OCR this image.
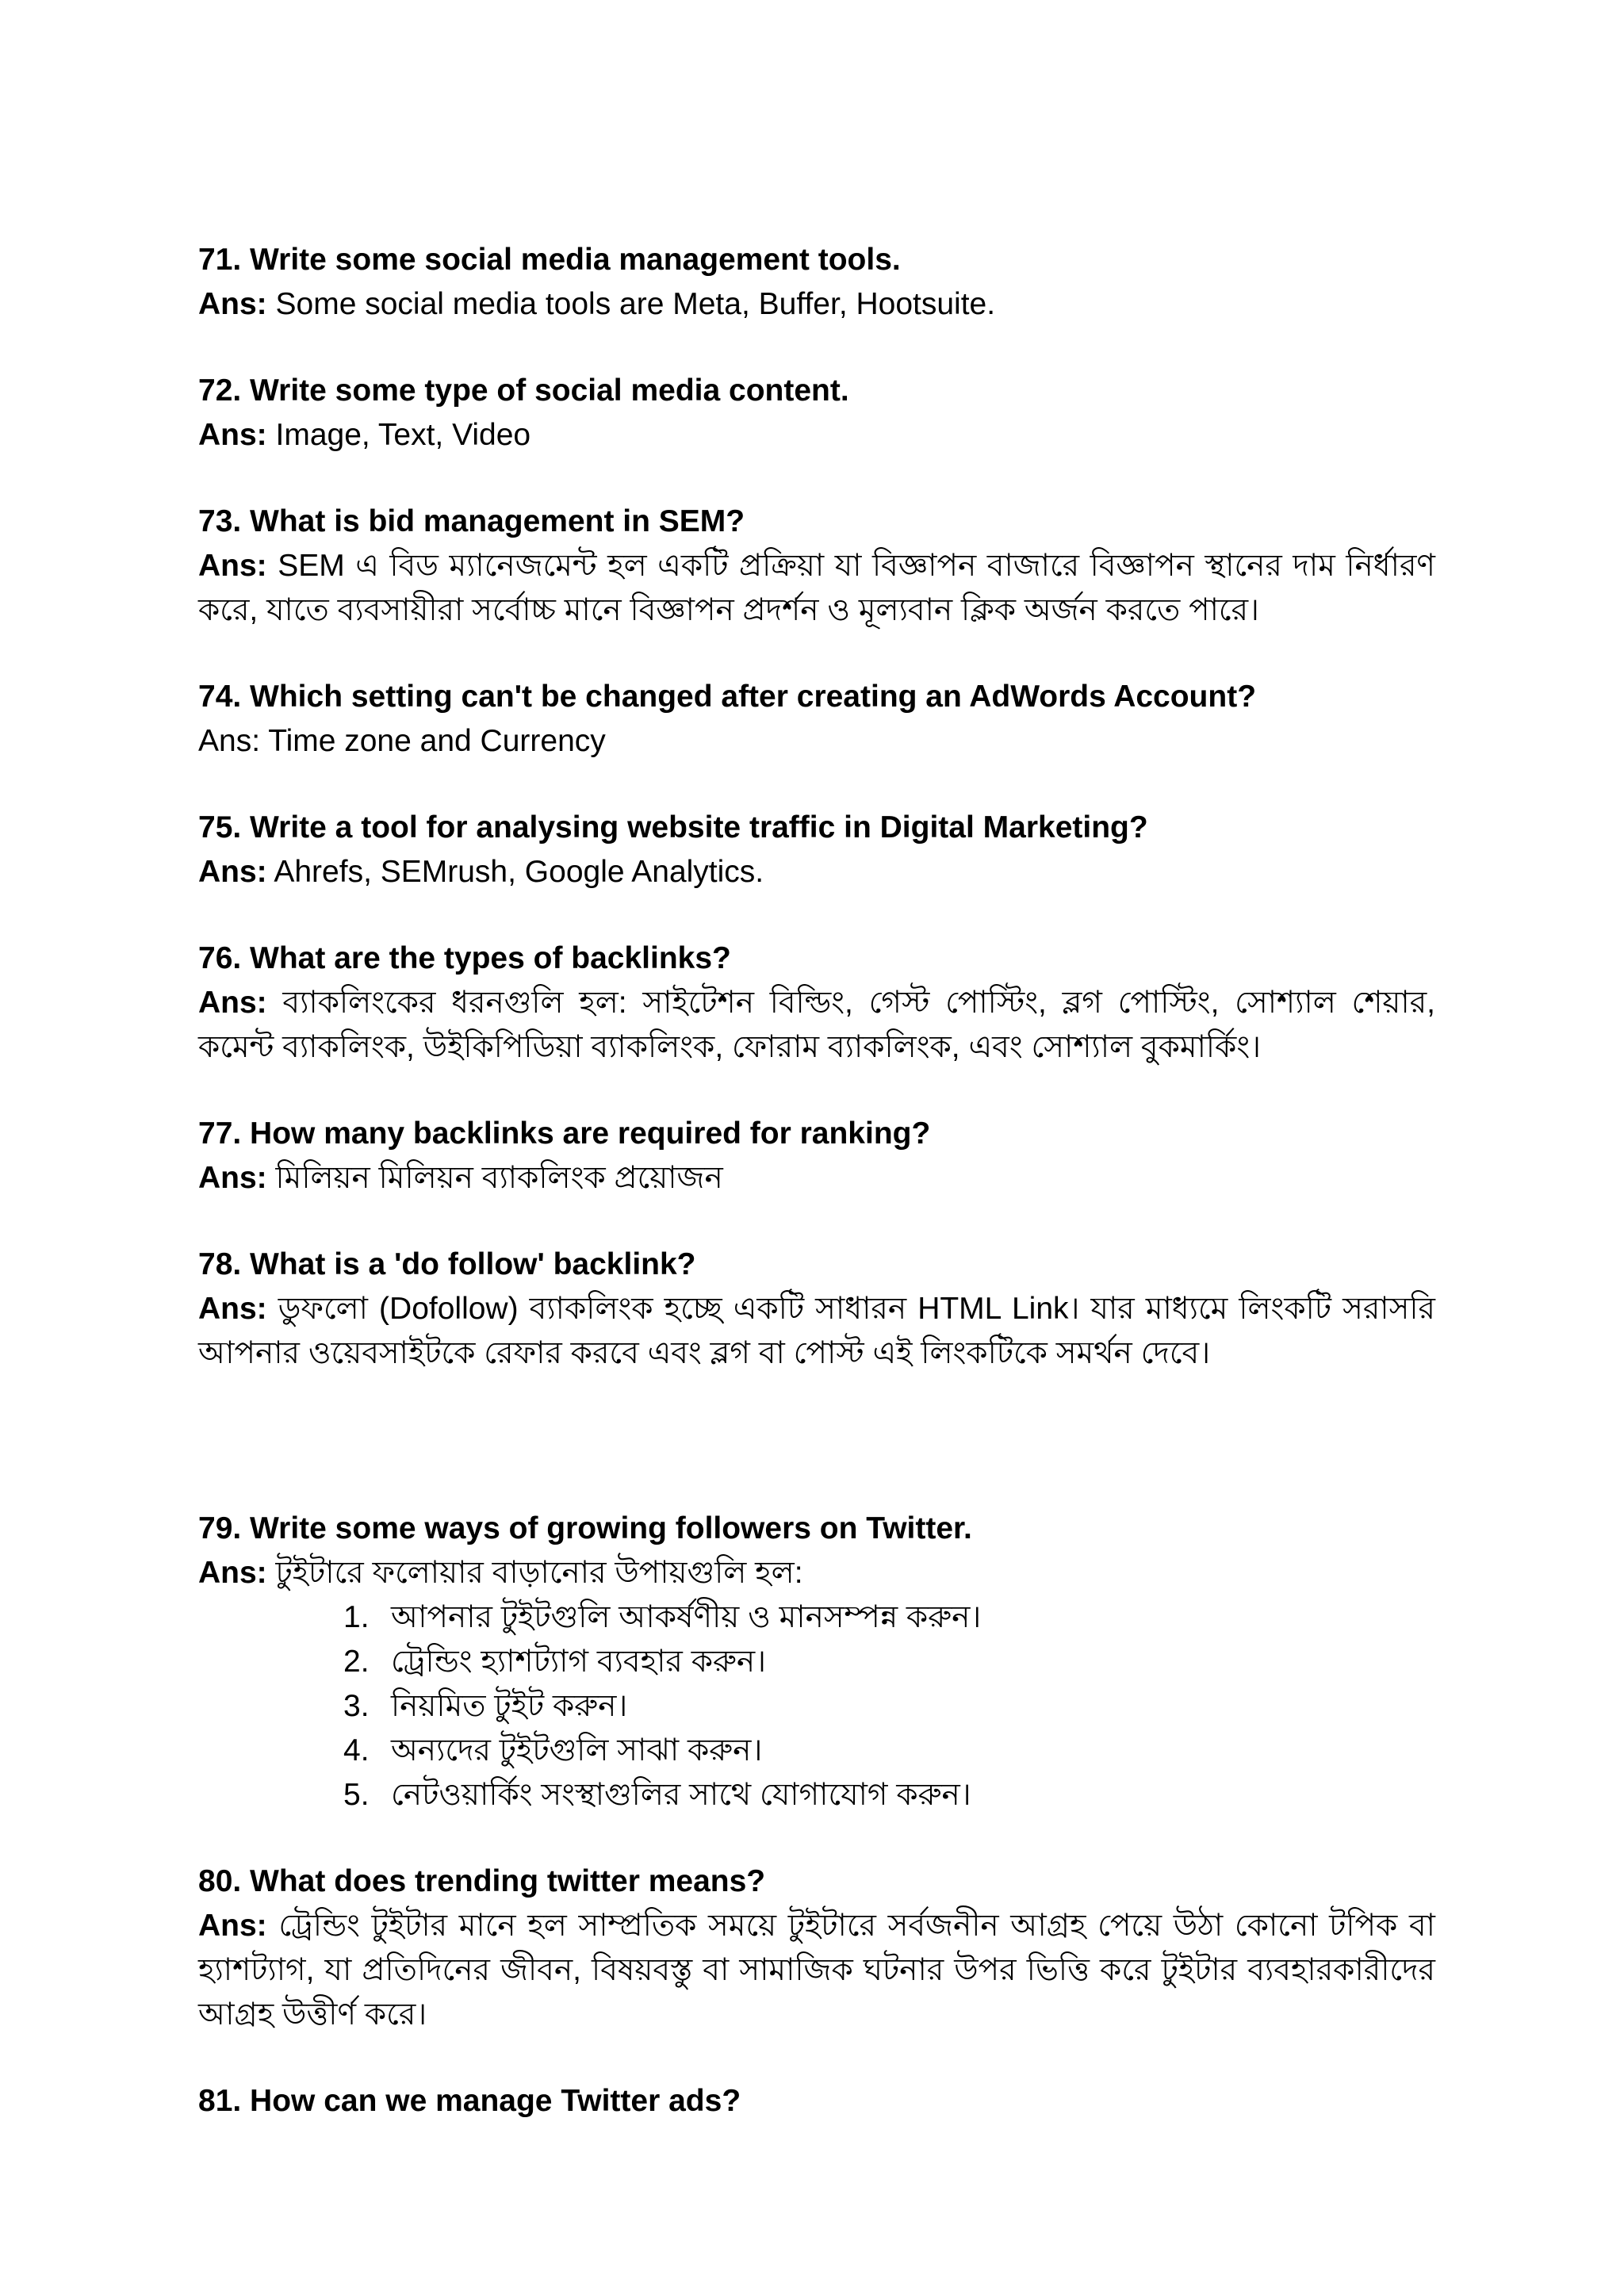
71. Write some social media management tools.

Ans: Some social media tools are Meta, Buffer, Hootsuite.

72. Write some type of social media content.

Ans: Image, Text, Video

73. What is bid management in SEM?

Ans: SEM এ বিড ম্যানেজমেন্ট হল একটি প্রক্রিয়া যা বিজ্ঞাপন বাজারে বিজ্ঞাপন স্থানের দাম নির্ধারণ করে, যাতে ব্যবসায়ীরা সর্বোচ্চ মানে বিজ্ঞাপন প্রদর্শন ও মূল্যবান ক্লিক অর্জন করতে পারে।

74. Which setting can't be changed after creating an AdWords Account?

Ans: Time zone and Currency

75. Write a tool for analysing website traffic in Digital Marketing?

Ans: Ahrefs, SEMrush, Google Analytics.

76. What are the types of backlinks?

Ans: ব্যাকলিংকের ধরনগুলি হল: সাইটেশন বিল্ডিং, গেস্ট পোস্টিং, ব্লগ পোস্টিং, সোশ্যাল শেয়ার, কমেন্ট ব্যাকলিংক, উইকিপিডিয়া ব্যাকলিংক, ফোরাম ব্যাকলিংক, এবং সোশ্যাল বুকমার্কিং।

77. How many backlinks are required for ranking?

Ans: মিলিয়ন মিলিয়ন ব্যাকলিংক প্রয়োজন

78. What is a 'do follow' backlink?

Ans: ডুফলো (Dofollow) ব্যাকলিংক হচ্ছে একটি সাধারন HTML Link। যার মাধ্যমে লিংকটি সরাসরি আপনার ওয়েবসাইটকে রেফার করবে এবং ব্লগ বা পোস্ট এই লিংকটিকে সমর্থন দেবে।

79. Write some ways of growing followers on Twitter.

Ans: টুইটারে ফলোয়ার বাড়ানোর উপায়গুলি হল:

1. আপনার টুইটগুলি আকর্ষণীয় ও মানসম্পন্ন করুন।
2. ট্রেন্ডিং হ্যাশট্যাগ ব্যবহার করুন।
3. নিয়মিত টুইট করুন।
4. অন্যদের টুইটগুলি সাঝা করুন।
5. নেটওয়ার্কিং সংস্থাগুলির সাথে যোগাযোগ করুন।

80. What does trending twitter means?

Ans: ট্রেন্ডিং টুইটার মানে হল সাম্প্রতিক সময়ে টুইটারে সর্বজনীন আগ্রহ পেয়ে উঠা কোনো টপিক বা হ্যাশট্যাগ, যা প্রতিদিনের জীবন, বিষয়বস্তু বা সামাজিক ঘটনার উপর ভিত্তি করে টুইটার ব্যবহারকারীদের আগ্রহ উত্তীর্ণ করে।

81. How can we manage Twitter ads?
